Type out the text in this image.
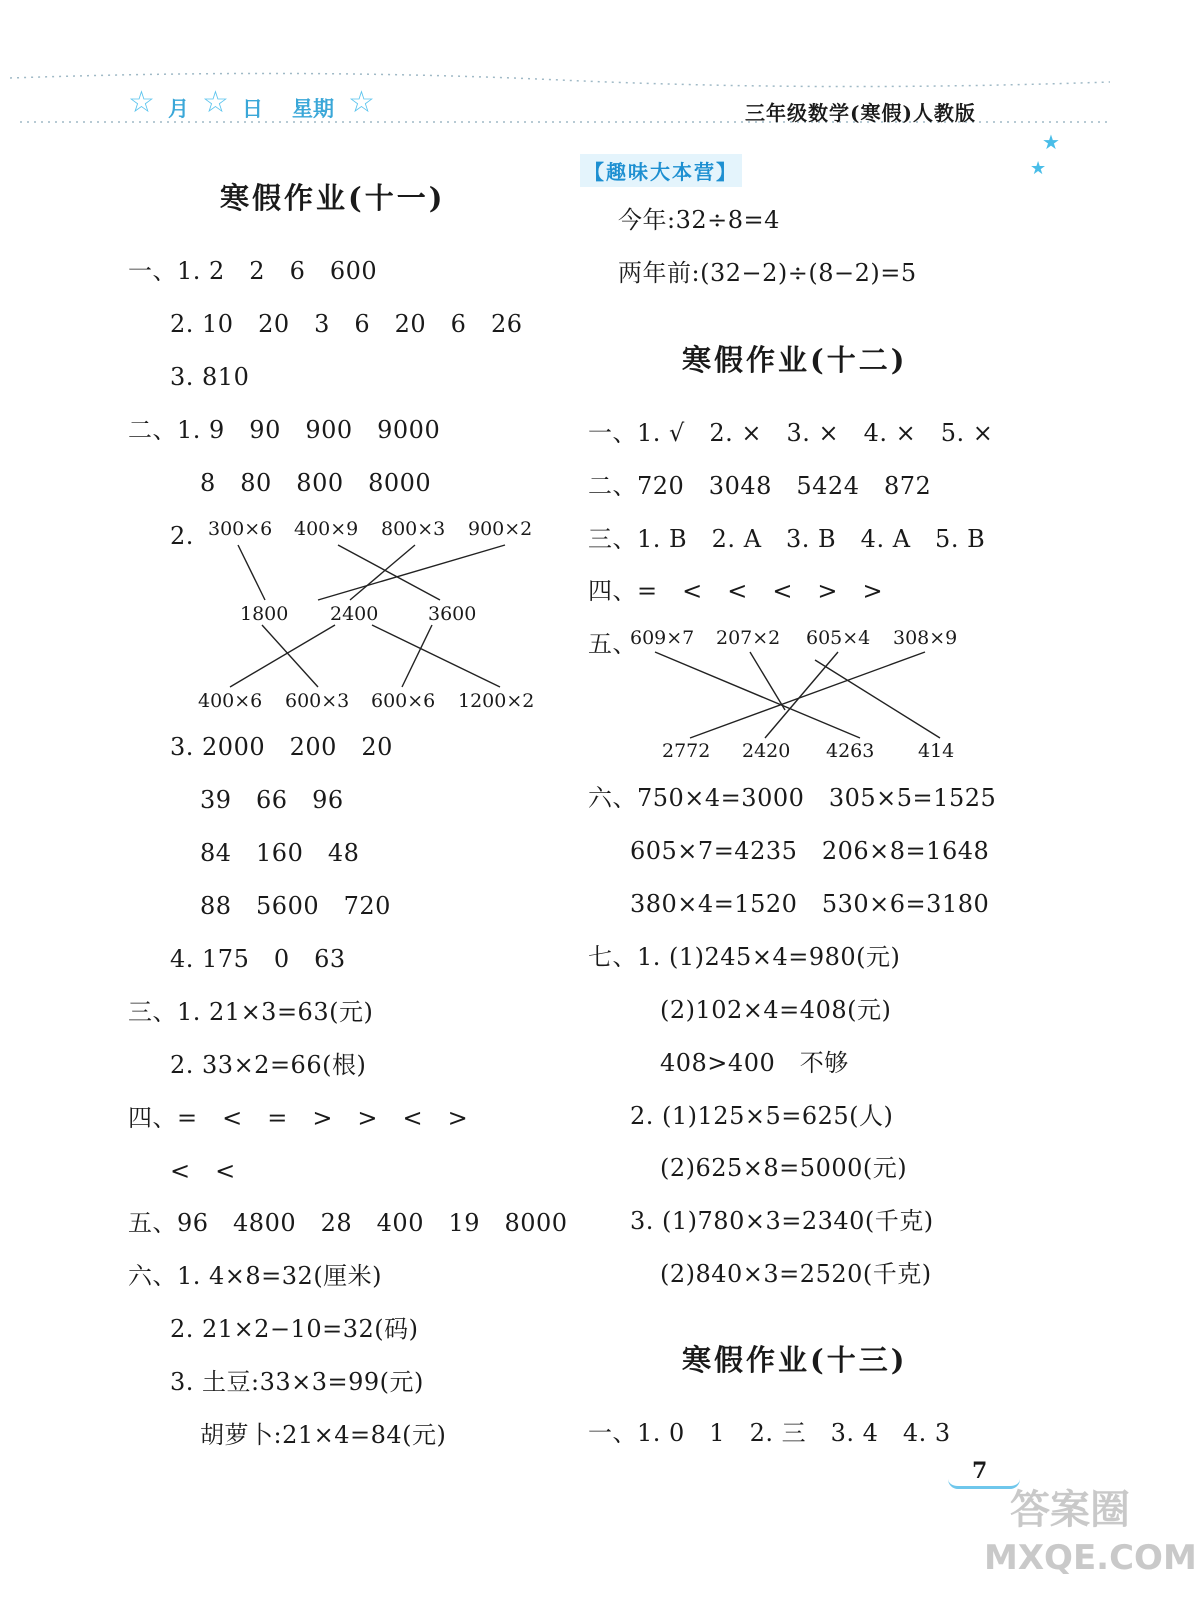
☆ 月 ☆ 日 星期 ☆	三年级数学(寒假)人教版
★
★
寒假作业(十一)
一、1. 2　2　6　600
2. 10　20　3　6　20　6　26
3. 810
二、1. 9　90　900　9000
8　80　800　8000
2. 300×6 400×9 800×3 900×2
1800 2400	3600
400×6 600×3 600×6 1200×2
3. 2000　200　20
39　66　96
84　160　48
88　5600　720
4. 175　0　63
三、1. 21×3=63(元)
2. 33×2=66(根)
四、=　<　=　>　>　<　>
<　<
五、96　4800　28　400　19　8000
六、1. 4×8=32(厘米)
2. 21×2−10=32(码)
3. 土豆:33×3=99(元)
胡萝卜:21×4=84(元)
【趣味大本营】
今年:32÷8=4
两年前:(32−2)÷(8−2)=5
寒假作业(十二)
一、1. √　2. ×　3. ×　4. ×　5. ×
二、720　3048　5424　872
三、1. B　2. A　3. B　4. A　5. B
四、=　<　<　<　>　>
五、
609×7 207×2 605×4 308×9
2772 2420 4263 414
六、750×4=3000　305×5=1525
605×7=4235　206×8=1648
380×4=1520　530×6=3180
七、1. (1)245×4=980(元)
(2)102×4=408(元)
408>400　不够
2. (1)125×5=625(人)
(2)625×8=5000(元)
3. (1)780×3=2340(千克)
(2)840×3=2520(千克)
寒假作业(十三)
一、1. 0　1　2. 三　3. 4　4. 3
7
答案圈
MXQE.COM
